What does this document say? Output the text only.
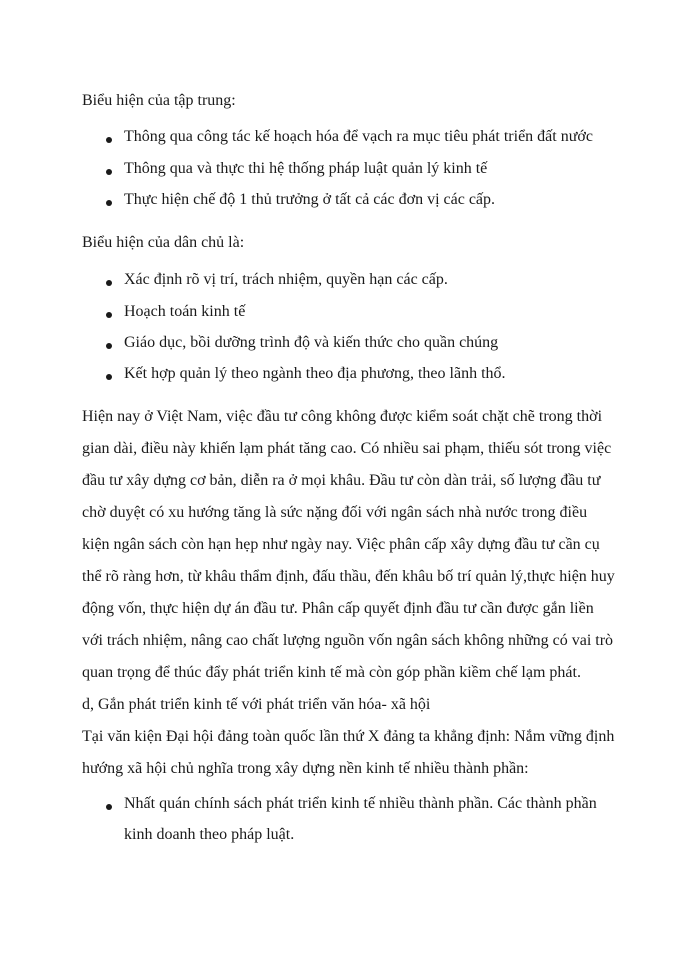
Biểu hiện của tập trung:
Thông qua công tác kế hoạch hóa để vạch ra mục tiêu phát triển đất nước
Thông qua và thực thi hệ thống pháp luật quản lý kinh tế
Thực hiện chế độ 1 thủ trưởng ở tất cả các đơn vị các cấp.
Biểu hiện của dân chủ là:
Xác định rõ vị trí, trách nhiệm, quyền hạn các cấp.
Hoạch toán kinh tế
Giáo dục, bồi dưỡng trình độ và kiến thức cho quần chúng
Kết hợp quản lý theo ngành theo địa phương, theo lãnh thổ.
Hiện nay ở Việt Nam, việc đầu tư công không được kiểm soát chặt chẽ trong thời
gian dài, điều này khiến lạm phát tăng cao. Có nhiều sai phạm, thiếu sót trong việc
đầu tư xây dựng cơ bản, diễn ra ở mọi khâu. Đầu tư còn dàn trải, số lượng đầu tư
chờ duyệt có xu hướng tăng là sức nặng đối với ngân sách nhà nước trong điều
kiện ngân sách còn hạn hẹp như ngày nay. Việc phân cấp xây dựng đầu tư cần cụ
thể rõ ràng hơn, từ khâu thẩm định, đấu thầu, đến khâu bố trí quản lý,thực hiện huy
động vốn, thực hiện dự án đầu tư. Phân cấp quyết định đầu tư cần được gắn liền
với trách nhiệm, nâng cao chất lượng nguồn vốn ngân sách không những có vai trò
quan trọng để thúc đẩy phát triển kinh tế mà còn góp phần kiềm chế lạm phát.
d, Gắn phát triển kinh tế với phát triển văn hóa- xã hội
Tại văn kiện Đại hội đảng toàn quốc lần thứ X đảng ta khẳng định: Nắm vững định
hướng xã hội chủ nghĩa trong xây dựng nền kinh tế nhiều thành phần:
Nhất quán chính sách phát triển kinh tế nhiều thành phần. Các thành phần
kinh doanh theo pháp luật.
